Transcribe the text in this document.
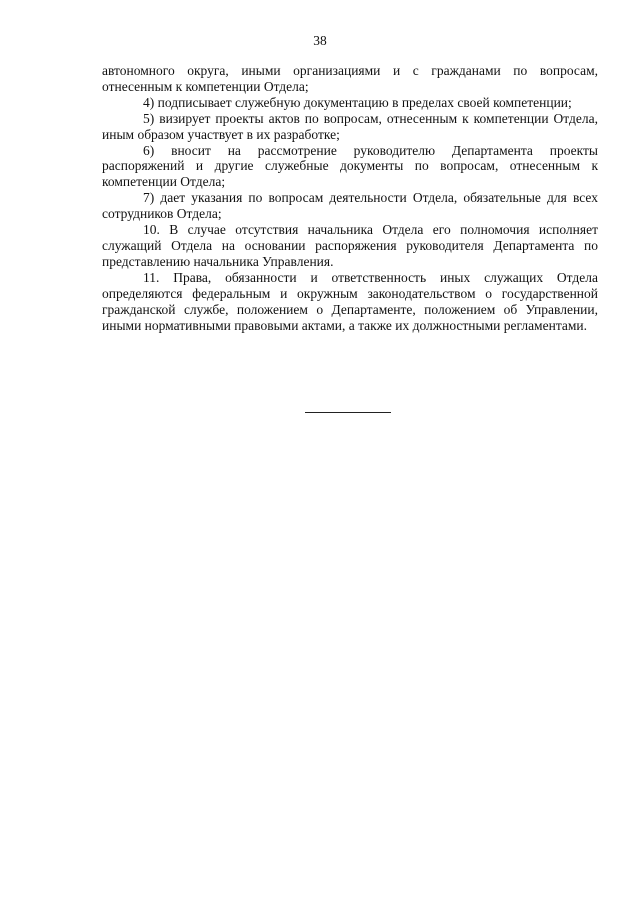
38

автономного округа, иными организациями и с гражданами по вопросам, отнесенным к компетенции Отдела;

4) подписывает служебную документацию в пределах своей компетенции;

5) визирует проекты актов по вопросам, отнесенным к компетенции Отдела, иным образом участвует в их разработке;

6) вносит на рассмотрение руководителю Департамента проекты распоряжений и другие служебные документы по вопросам, отнесенным к компетенции Отдела;

7) дает указания по вопросам деятельности Отдела, обязательные для всех сотрудников Отдела;

10. В случае отсутствия начальника Отдела его полномочия исполняет служащий Отдела на основании распоряжения руководителя Департамента по представлению начальника Управления.

11. Права, обязанности и ответственность иных служащих Отдела определяются федеральным и окружным законодательством о государственной гражданской службе, положением о Департаменте, положением об Управлении, иными нормативными правовыми актами, а также их должностными регламентами.
